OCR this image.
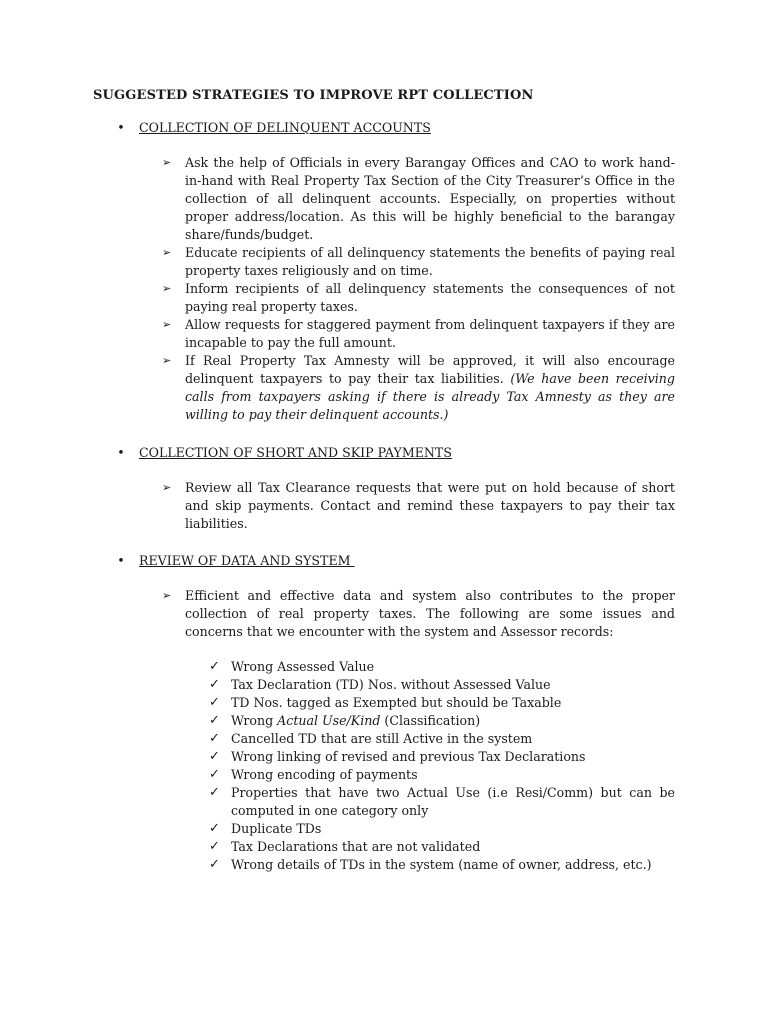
SUGGESTED STRATEGIES TO IMPROVE RPT COLLECTION
• COLLECTION OF DELINQUENT ACCOUNTS
➢	Ask the help of Officials in every Barangay Offices and CAO to work hand-in-hand with Real Property Tax Section of the City Treasurer’s Office in the collection of all delinquent accounts. Especially, on properties without proper address/location. As this will be highly beneficial to the barangay share/funds/budget.
➢	Educate recipients of all delinquency statements the benefits of paying real property taxes religiously and on time.
➢	Inform recipients of all delinquency statements the consequences of not paying real property taxes.
➢	Allow requests for staggered payment from delinquent taxpayers if they are incapable to pay the full amount.
➢	If Real Property Tax Amnesty will be approved, it will also encourage delinquent taxpayers to pay their tax liabilities. (We have been receiving calls from taxpayers asking if there is already Tax Amnesty as they are willing to pay their delinquent accounts.)
• COLLECTION OF SHORT AND SKIP PAYMENTS
➢	Review all Tax Clearance requests that were put on hold because of short and skip payments. Contact and remind these taxpayers to pay their tax liabilities.
• REVIEW OF DATA AND SYSTEM
➢	Efficient and effective data and system also contributes to the proper collection of real property taxes. The following are some issues and concerns that we encounter with the system and Assessor records:
✓ Wrong Assessed Value
✓ Tax Declaration (TD) Nos. without Assessed Value
✓ TD Nos. tagged as Exempted but should be Taxable
✓ Wrong Actual Use/Kind (Classification)
✓ Cancelled TD that are still Active in the system
✓ Wrong linking of revised and previous Tax Declarations
✓ Wrong encoding of payments
✓ Properties that have two Actual Use (i.e Resi/Comm) but can be computed in one category only
✓ Duplicate TDs
✓ Tax Declarations that are not validated
✓ Wrong details of TDs in the system (name of owner, address, etc.)
